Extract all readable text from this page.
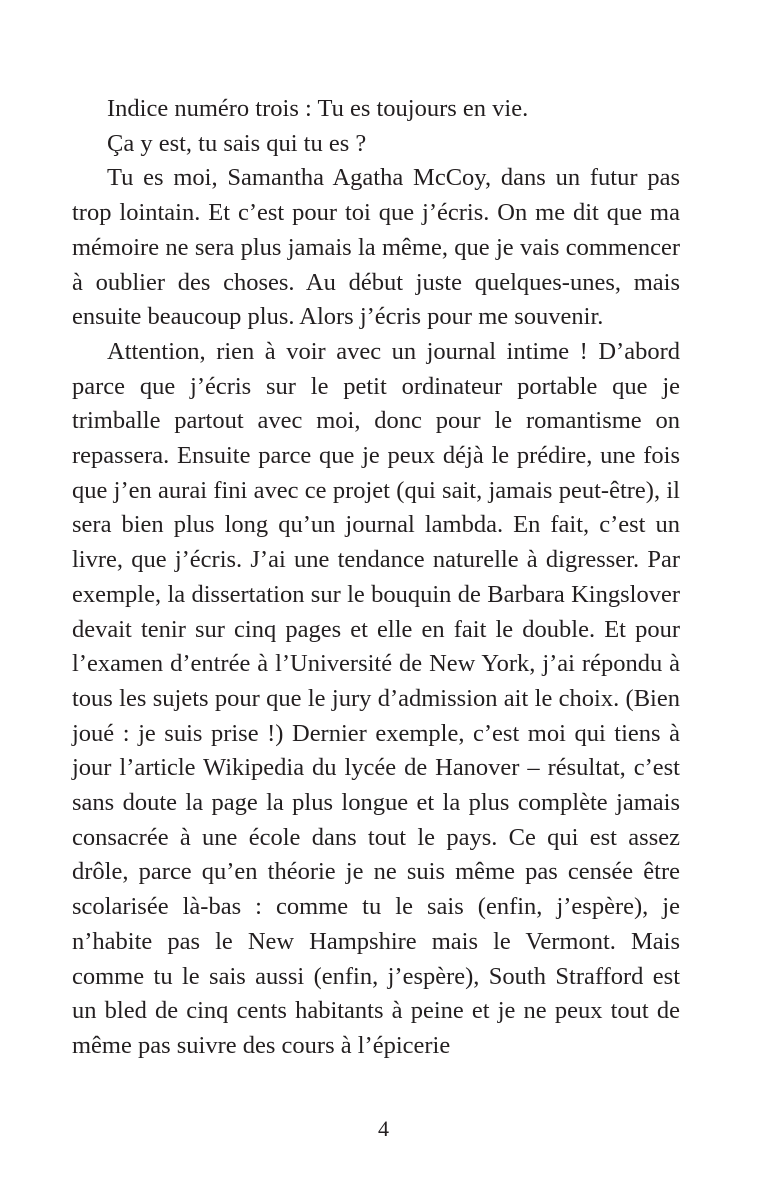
Indice numéro trois : Tu es toujours en vie.

Ça y est, tu sais qui tu es ?

Tu es moi, Samantha Agatha McCoy, dans un futur pas trop lointain. Et c’est pour toi que j’écris. On me dit que ma mémoire ne sera plus jamais la même, que je vais commencer à oublier des choses. Au début juste quelques-unes, mais ensuite beaucoup plus. Alors j’écris pour me souvenir.

Attention, rien à voir avec un journal intime ! D’abord parce que j’écris sur le petit ordinateur portable que je trimballe partout avec moi, donc pour le romantisme on repassera. Ensuite parce que je peux déjà le prédire, une fois que j’en aurai fini avec ce projet (qui sait, jamais peut-être), il sera bien plus long qu’un journal lambda. En fait, c’est un livre, que j’écris. J’ai une tendance naturelle à digresser. Par exemple, la dissertation sur le bouquin de Barbara Kingslover devait tenir sur cinq pages et elle en fait le double. Et pour l’examen d’entrée à l’Université de New York, j’ai répondu à tous les sujets pour que le jury d’admission ait le choix. (Bien joué : je suis prise !) Dernier exemple, c’est moi qui tiens à jour l’article Wikipedia du lycée de Hanover – résultat, c’est sans doute la page la plus longue et la plus complète jamais consacrée à une école dans tout le pays. Ce qui est assez drôle, parce qu’en théorie je ne suis même pas censée être scolarisée là-bas : comme tu le sais (enfin, j’espère), je n’habite pas le New Hampshire mais le Vermont. Mais comme tu le sais aussi (enfin, j’espère), South Strafford est un bled de cinq cents habitants à peine et je ne peux tout de même pas suivre des cours à l’épicerie

4
